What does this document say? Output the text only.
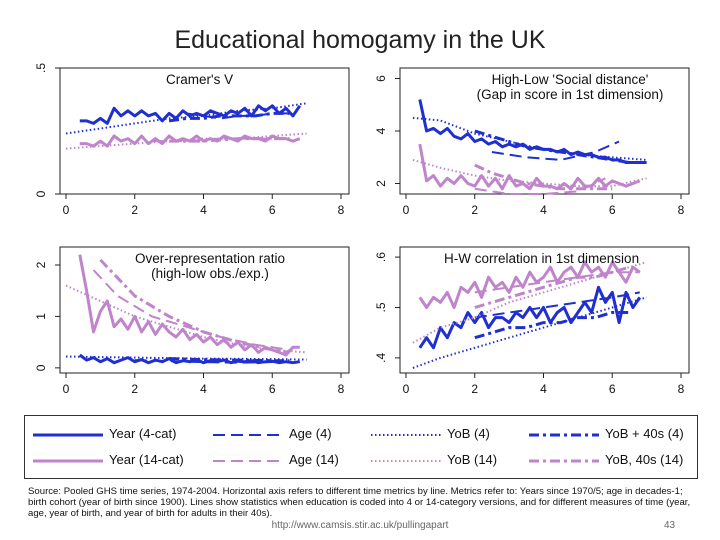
Educational homogamy in the UK
0	2	4	6	8
0
.5
Cramer's V
0	2	4	6	8
2
4
6	High-Low 'Social distance'
(Gap in score in 1st dimension)
0	2	4	6	8
0
1
2	Over-representation ratio
(high-low obs./exp.)
0	2	4	6	8
.4
.5
.6	H-W correlation in 1st dimension
Year (4-cat)	Age (4)	YoB (4)	YoB + 40s (4)
Year (14-cat)	Age (14)	YoB (14)	YoB, 40s (14)
Source: Pooled GHS time series, 1974-2004. Horizontal axis refers to different time metrics by line. Metrics refer to: Years since 1970/5; age in decades-1; birth cohort (year of birth since 1900). Lines show statistics when education is coded into 4 or 14-category versions, and for different measures of time (year, age, year of birth, and year of birth for adults in their 40s).
http://www.camsis.stir.ac.uk/pullingapart	43
